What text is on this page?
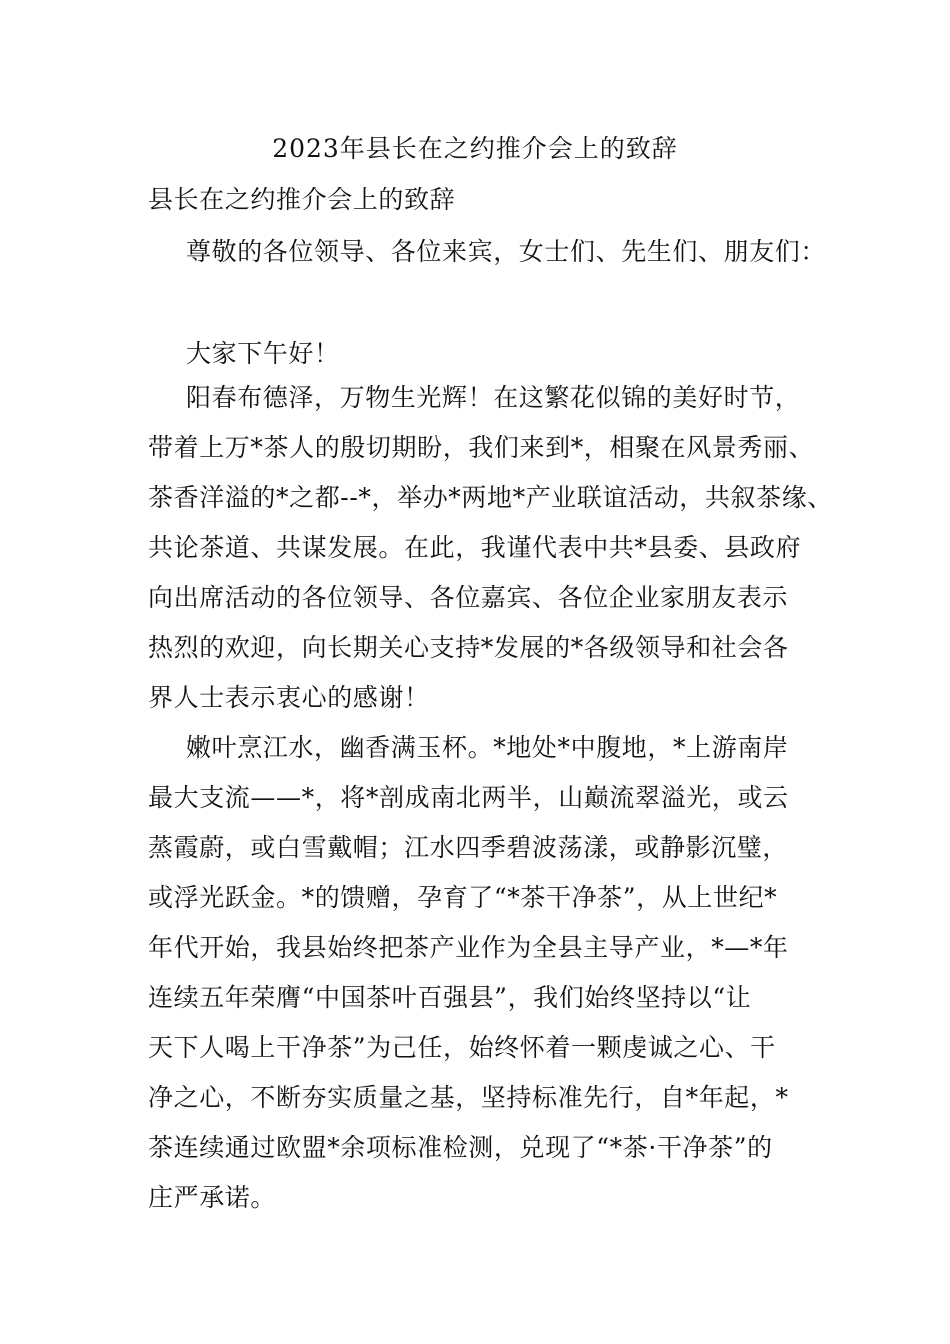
2023年县长在之约推介会上的致辞
县长在之约推介会上的致辞
尊敬的各位领导、各位来宾，女士们、先生们、朋友们：
大家下午好！
阳春布德泽，万物生光辉！在这繁花似锦的美好时节，
带着上万*茶人的殷切期盼，我们来到*，相聚在风景秀丽、
茶香洋溢的*之都--*，举办*两地*产业联谊活动，共叙茶缘、
共论茶道、共谋发展。在此，我谨代表中共*县委、县政府
向出席活动的各位领导、各位嘉宾、各位企业家朋友表示
热烈的欢迎，向长期关心支持*发展的*各级领导和社会各
界人士表示衷心的感谢！
嫩叶烹江水，幽香满玉杯。*地处*中腹地，*上游南岸
最大支流——*，将*剖成南北两半，山巅流翠溢光，或云
蒸霞蔚，或白雪戴帽；江水四季碧波荡漾，或静影沉璧，
或浮光跃金。*的馈赠，孕育了“*茶干净茶”，从上世纪*
年代开始，我县始终把茶产业作为全县主导产业，*—*年
连续五年荣膺“中国茶叶百强县”，我们始终坚持以“让
天下人喝上干净茶”为己任，始终怀着一颗虔诚之心、干
净之心，不断夯实质量之基，坚持标准先行，自*年起，*
茶连续通过欧盟*余项标准检测，兑现了“*茶·干净茶”的
庄严承诺。
